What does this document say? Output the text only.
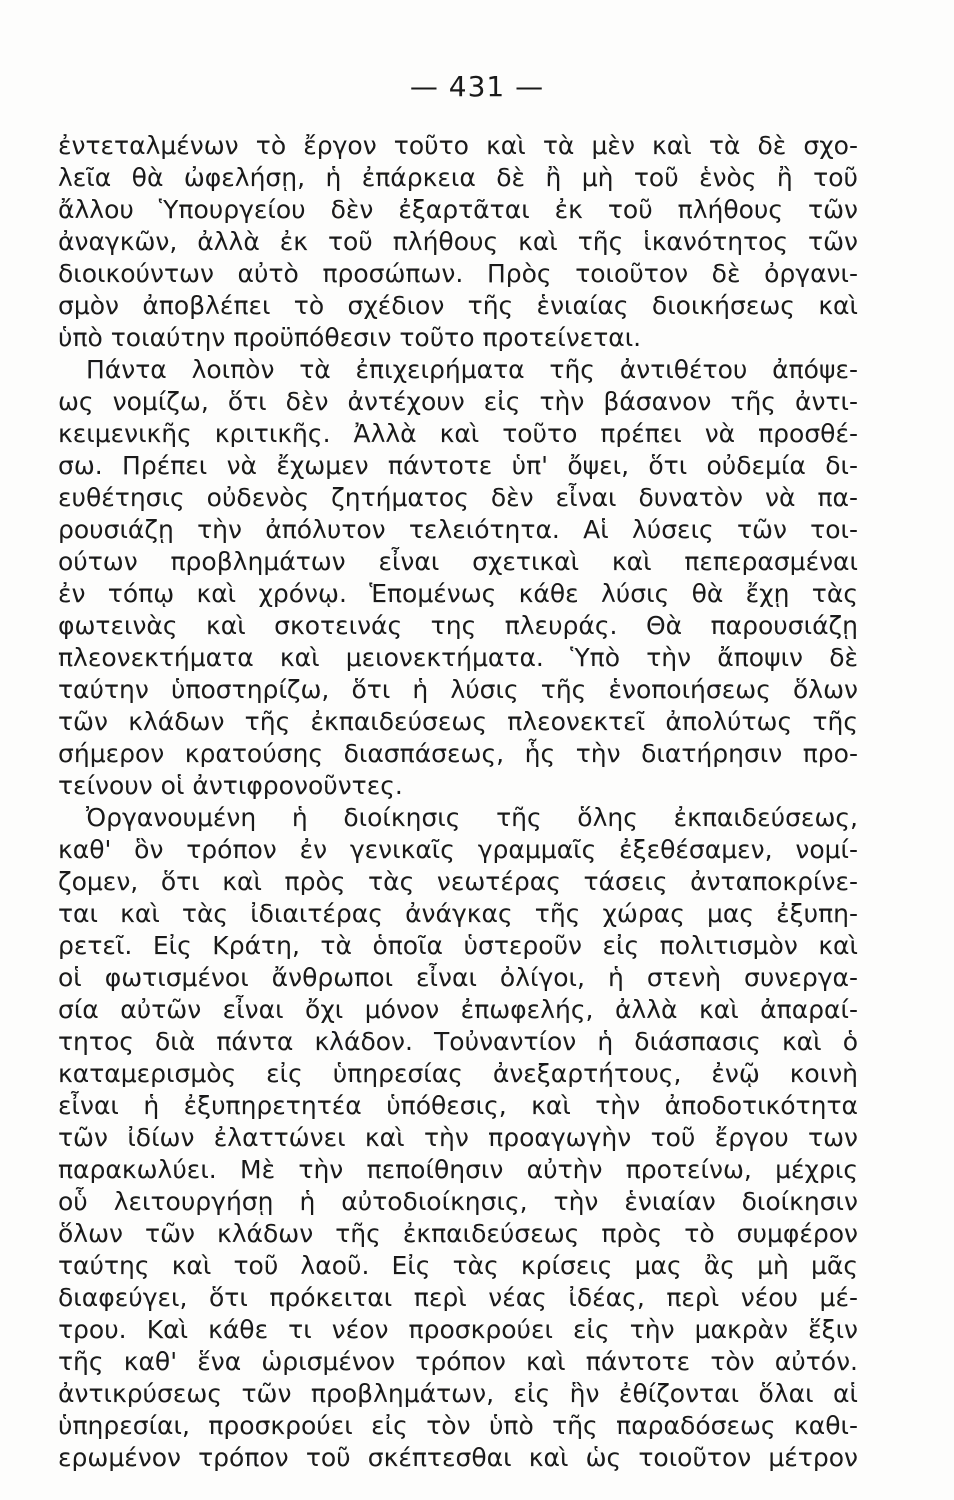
— 431 —
ἐντεταλμένων τὸ ἔργον τοῦτο καὶ τὰ μὲν καὶ τὰ δὲ σχο-
λεῖα θὰ ὠφελήσῃ, ἡ ἐπάρκεια δὲ ἢ μὴ τοῦ ἑνὸς ἢ τοῦ
ἄλλου Ὑπουργείου δὲν ἐξαρτᾶται ἐκ τοῦ πλήθους τῶν
ἀναγκῶν, ἀλλὰ ἐκ τοῦ πλήθους καὶ τῆς ἱκανότητος τῶν
διοικούντων αὐτὸ προσώπων. Πρὸς τοιοῦτον δὲ ὀργανι-
σμὸν ἀποβλέπει τὸ σχέδιον τῆς ἑνιαίας διοικήσεως καὶ
ὑπὸ τοιαύτην προϋπόθεσιν τοῦτο προτείνεται.
Πάντα λοιπὸν τὰ ἐπιχειρήματα τῆς ἀντιθέτου ἀπόψε-
ως νομίζω, ὅτι δὲν ἀντέχουν εἰς τὴν βάσανον τῆς ἀντι-
κειμενικῆς κριτικῆς. Ἀλλὰ καὶ τοῦτο πρέπει νὰ προσθέ-
σω. Πρέπει νὰ ἔχωμεν πάντοτε ὑπ' ὄψει, ὅτι οὐδεμία δι-
ευθέτησις οὐδενὸς ζητήματος δὲν εἶναι δυνατὸν νὰ πα-
ρουσιάζῃ τὴν ἀπόλυτον τελειότητα. Αἱ λύσεις τῶν τοι-
ούτων προβλημάτων εἶναι σχετικαὶ καὶ πεπερασμέναι
ἐν τόπῳ καὶ χρόνῳ. Ἑπομένως κάθε λύσις θὰ ἔχῃ τὰς
φωτεινὰς καὶ σκοτεινάς της πλευράς. Θὰ παρουσιάζῃ
πλεονεκτήματα καὶ μειονεκτήματα. Ὑπὸ τὴν ἄποψιν δὲ
ταύτην ὑποστηρίζω, ὅτι ἡ λύσις τῆς ἑνοποιήσεως ὅλων
τῶν κλάδων τῆς ἐκπαιδεύσεως πλεονεκτεῖ ἀπολύτως τῆς
σήμερον κρατούσης διασπάσεως, ἧς τὴν διατήρησιν προ-
τείνουν οἱ ἀντιφρονοῦντες.
Ὀργανουμένη ἡ διοίκησις τῆς ὅλης ἐκπαιδεύσεως,
καθ' ὃν τρόπον ἐν γενικαῖς γραμμαῖς ἐξεθέσαμεν, νομί-
ζομεν, ὅτι καὶ πρὸς τὰς νεωτέρας τάσεις ἀνταποκρίνε-
ται καὶ τὰς ἰδιαιτέρας ἀνάγκας τῆς χώρας μας ἐξυπη-
ρετεῖ. Εἰς Κράτη, τὰ ὁποῖα ὑστεροῦν εἰς πολιτισμὸν καὶ
οἱ φωτισμένοι ἄνθρωποι εἶναι ὀλίγοι, ἡ στενὴ συνεργα-
σία αὐτῶν εἶναι ὄχι μόνον ἐπωφελής, ἀλλὰ καὶ ἀπαραί-
τητος διὰ πάντα κλάδον. Τοὐναντίον ἡ διάσπασις καὶ ὁ
καταμερισμὸς εἰς ὑπηρεσίας ἀνεξαρτήτους, ἐνῷ κοινὴ
εἶναι ἡ ἐξυπηρετητέα ὑπόθεσις, καὶ τὴν ἀποδοτικότητα
τῶν ἰδίων ἐλαττώνει καὶ τὴν προαγωγὴν τοῦ ἔργου των
παρακωλύει. Μὲ τὴν πεποίθησιν αὐτὴν προτείνω, μέχρις
οὗ λειτουργήσῃ ἡ αὐτοδιοίκησις, τὴν ἑνιαίαν διοίκησιν
ὅλων τῶν κλάδων τῆς ἐκπαιδεύσεως πρὸς τὸ συμφέρον
ταύτης καὶ τοῦ λαοῦ. Εἰς τὰς κρίσεις μας ἂς μὴ μᾶς
διαφεύγει, ὅτι πρόκειται περὶ νέας ἰδέας, περὶ νέου μέ-
τρου. Καὶ κάθε τι νέον προσκρούει εἰς τὴν μακρὰν ἕξιν
τῆς καθ' ἕνα ὡρισμένον τρόπον καὶ πάντοτε τὸν αὐτόν.
ἀντικρύσεως τῶν προβλημάτων, εἰς ἣν ἐθίζονται ὅλαι αἱ
ὑπηρεσίαι, προσκρούει εἰς τὸν ὑπὸ τῆς παραδόσεως καθι-
ερωμένον τρόπον τοῦ σκέπτεσθαι καὶ ὡς τοιοῦτον μέτρον
